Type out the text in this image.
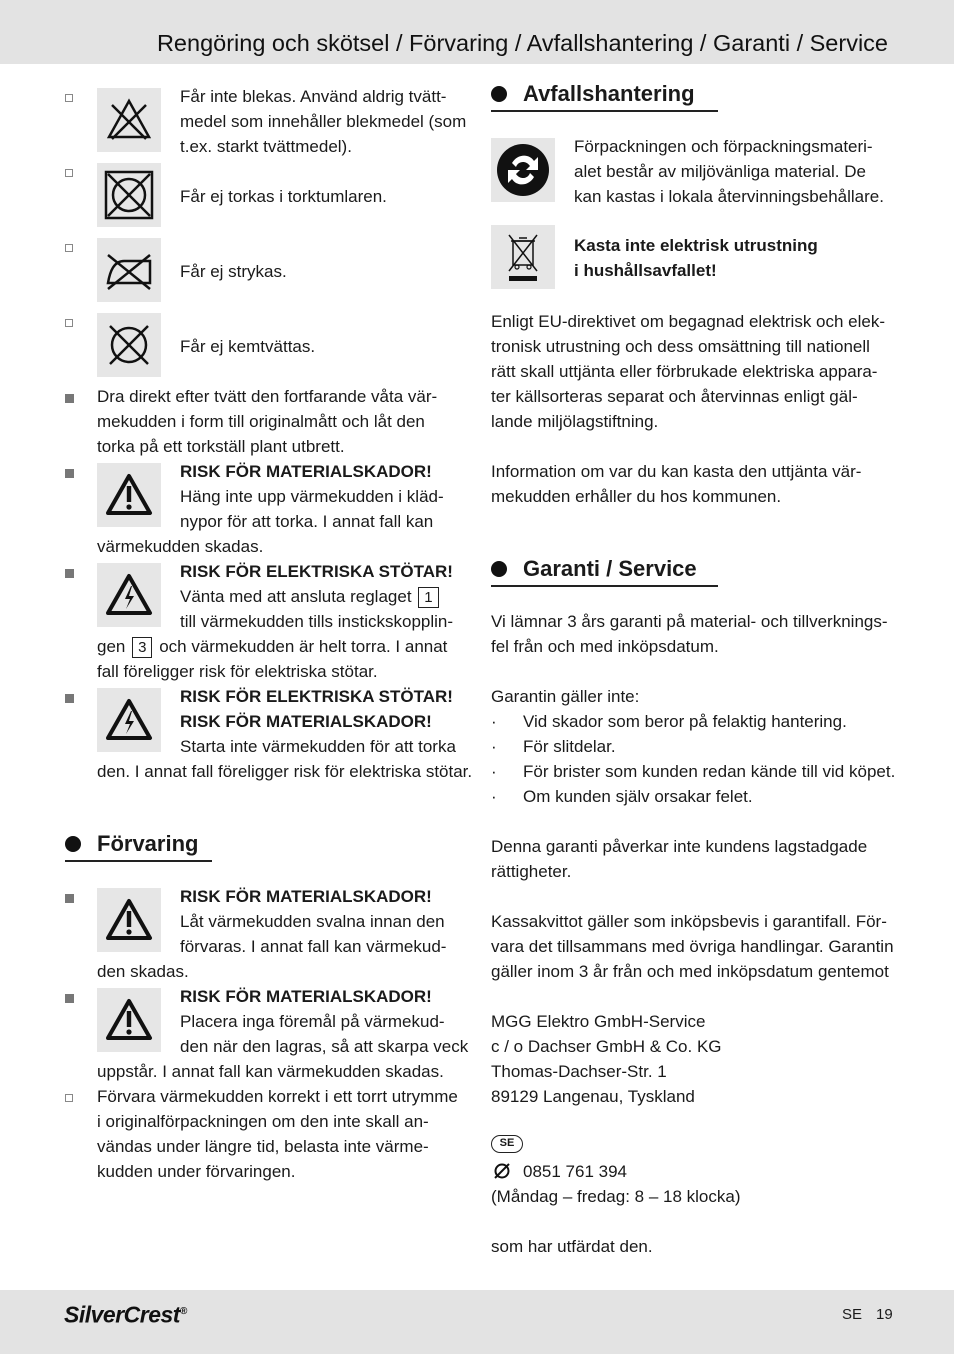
Rengöring och skötsel / Förvaring / Avfallshantering / Garanti / Service
Får inte blekas. Använd aldrig tvätt-
medel som innehåller blekmedel (som
t.ex. starkt tvättmedel).
Får ej torkas i torktumlaren.
Får ej strykas.
Får ej kemtvättas.
Dra direkt efter tvätt den fortfarande våta vär-
mekudden i form till originalmått och låt den
torka på ett torkställ plant utbrett.
RISK FÖR MATERIALSKADOR!
Häng inte upp värmekudden i kläd-
nypor för att torka. I annat fall kan
värmekudden skadas.
RISK FÖR ELEKTRISKA STÖTAR!
Vänta med att ansluta reglaget 1
till värmekudden tills instickskopplin-
gen 3 och värmekudden är helt torra. I annat
fall föreligger risk för elektriska stötar.
RISK FÖR ELEKTRISKA STÖTAR!
RISK FÖR MATERIALSKADOR!
Starta inte värmekudden för att torka
den. I annat fall föreligger risk för elektriska stötar.
Förvaring
RISK FÖR MATERIALSKADOR!
Låt värmekudden svalna innan den
förvaras. I annat fall kan värmekud-
den skadas.
RISK FÖR MATERIALSKADOR!
Placera inga föremål på värmekud-
den när den lagras, så att skarpa veck
uppstår. I annat fall kan värmekudden skadas.
Förvara värmekudden korrekt i ett torrt utrymme
i originalförpackningen om den inte skall an-
vändas under längre tid, belasta inte värme-
kudden under förvaringen.
Avfallshantering
Förpackningen och förpackningsmateri-
alet består av miljövänliga material. De
kan kastas i lokala återvinningsbehållare.
Kasta inte elektrisk utrustning
i hushållsavfallet!
Enligt EU-direktivet om begagnad elektrisk och elek-
tronisk utrustning och dess omsättning till nationell
rätt skall uttjänta eller förbrukade elektriska appara-
ter källsorteras separat och återvinnas enligt gäl-
lande miljölagstiftning.
Information om var du kan kasta den uttjänta vär-
mekudden erhåller du hos kommunen.
Garanti / Service
Vi lämnar 3 års garanti på material- och tillverknings-
fel från och med inköpsdatum.
Garantin gäller inte:
· Vid skador som beror på felaktig hantering.
· För slitdelar.
· För brister som kunden redan kände till vid köpet.
· Om kunden själv orsakar felet.
Denna garanti påverkar inte kundens lagstadgade
rättigheter.
Kassakvittot gäller som inköpsbevis i garantifall. För-
vara det tillsammans med övriga handlingar. Garantin
gäller inom 3 år från och med inköpsdatum gentemot
MGG Elektro GmbH-Service
c / o Dachser GmbH & Co. KG
Thomas-Dachser-Str. 1
89129 Langenau, Tyskland
SE
0851 761 394
(Måndag – fredag: 8 – 18 klocka)
som har utfärdat den.
SilverCrest®	SE 19
